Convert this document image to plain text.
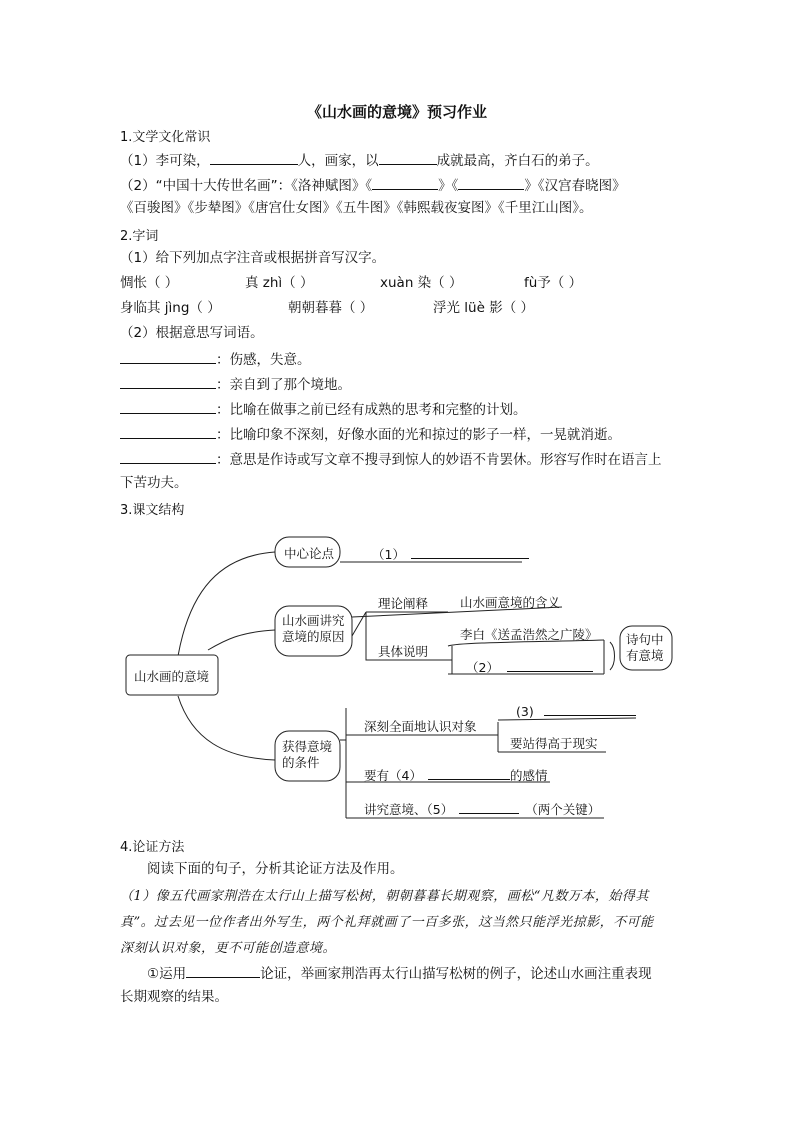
《山水画的意境》预习作业
1.文学文化常识
（1）李可染，	人，画家，以	成就最高，齐白石的弟子。
（2）“中国十大传世名画”：《洛神赋图》《	》《	》《汉宫春晓图》
《百骏图》《步辇图》《唐宫仕女图》《五牛图》《韩熙载夜宴图》《千里江山图》。
2.字词
（1）给下列加点字注音或根据拼音写汉字。
惆怅（ ）	真 zhì（ ）	xuàn 染（ ）	fù予（ ）
身临其 jìng（ ）	朝朝暮暮（ ）	浮光 lüè 影（ ）
（2）根据意思写词语。
：伤感，失意。
：亲自到了那个境地。
：比喻在做事之前已经有成熟的思考和完整的计划。
：比喻印象不深刻，好像水面的光和掠过的影子一样，一晃就消逝。
：意思是作诗或写文章不搜寻到惊人的妙语不肯罢休。形容写作时在语言上
下苦功夫。
3.课文结构
山水画的意境
中心论点	（1）
山水画讲究
意境的原因
理论阐释	山水画意境的含义
具体说明
李白《送孟浩然之广陵》
（2）
诗句中
有意境
获得意境
的条件
深刻全面地认识对象
(3)
要站得高于现实
要有（4）	的感情
讲究意境、（5）	（两个关键）
4.论证方法
阅读下面的句子，分析其论证方法及作用。
（1）像五代画家荆浩在太行山上描写松树，朝朝暮暮长期观察，画松“凡数万本，始得其
真”。过去见一位作者出外写生，两个礼拜就画了一百多张，这当然只能浮光掠影，不可能
深刻认识对象，更不可能创造意境。
①运用	论证，举画家荆浩再太行山描写松树的例子，论述山水画注重表现
长期观察的结果。
